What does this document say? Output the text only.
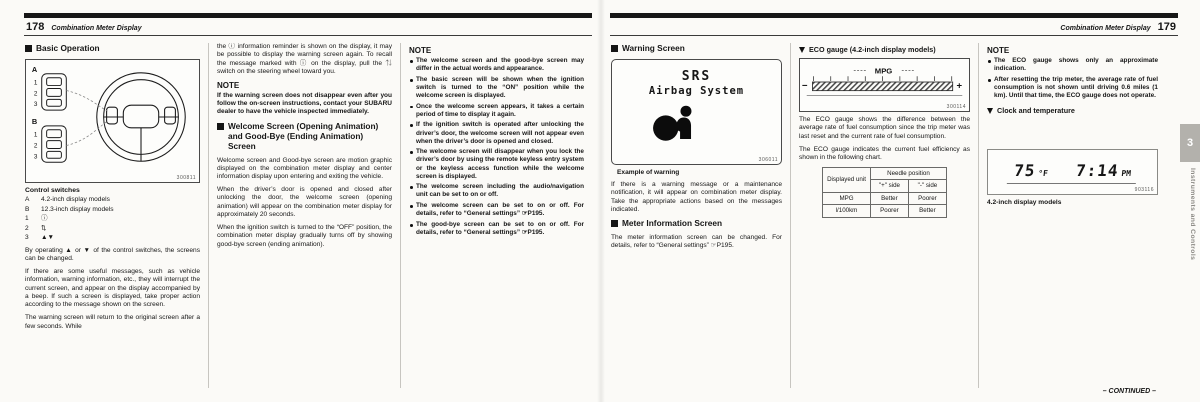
178 Combination Meter Display
Basic Operation
A
B
1
2
3
1
2
3
300811
Control switches
A	4.2-inch display models
B	12.3-inch display models
1	ⓘ
2	⇅
3	▲▼

By operating ▲ or ▼ of the control switches, the screens can be changed.

If there are some useful messages, such as vehicle information, warning information, etc., they will interrupt the current screen, and appear on the display accompanied by a beep. If such a screen is displayed, take proper action according to the message shown on the screen.

The warning screen will return to the original screen after a few seconds. While

the ⓘ information reminder is shown on the display, it may be possible to display the warning screen again. To recall the message marked with ⓘ on the display, pull the ⇅ switch on the steering wheel toward you.

NOTE

If the warning screen does not disappear even after you follow the on-screen instructions, contact your SUBARU dealer to have the vehicle inspected immediately.

Welcome Screen (Opening Animation) and Good-Bye (Ending Animation) Screen

Welcome screen and Good-bye screen are motion graphic displayed on the combination meter display and center information display upon entering and exiting the vehicle.

When the driver’s door is opened and closed after unlocking the door, the welcome screen (opening animation) will appear on the combination meter display for approximately 20 seconds.

When the ignition switch is turned to the “OFF” position, the combination meter display gradually turns off by showing good-bye screen (ending animation).

NOTE
The welcome screen and the good-bye screen may differ in the actual words and appearance.
The basic screen will be shown when the ignition switch is turned to the “ON” position while the welcome screen is displayed.
Once the welcome screen appears, it takes a certain period of time to display it again.
If the ignition switch is operated after unlocking the driver’s door, the welcome screen will not appear even when the driver’s door is opened and closed.
The welcome screen will disappear when you lock the driver’s door by using the remote keyless entry system or the keyless access function while the welcome screen is displayed.
The welcome screen including the audio/navigation unit can be set to on or off.
The welcome screen can be set to on or off. For details, refer to “General settings” ☞P195.
The good-bye screen can be set to on or off. For details, refer to “General settings” ☞P195.
Combination Meter Display 179
Warning Screen
SRS
Airbag System
306011
Example of warning

If there is a warning message or a maintenance notification, it will appear on combination meter display. Take the appropriate actions based on the messages indicated.

Meter Information Screen

The meter information screen can be changed. For details, refer to “General settings” ☞P195.

ECO gauge (4.2-inch display models)
−	+
MPG
300114

The ECO gauge shows the difference between the average rate of fuel consumption since the trip meter was last reset and the current rate of fuel consumption.

The ECO gauge indicates the current fuel efficiency as shown in the following chart.

Displayed unit	Needle position	
	"+" side	"-" side
MPG	Better	Poorer
l/100km	Poorer	Better
NOTE
The ECO gauge shows only an approximate indication.
After resetting the trip meter, the average rate of fuel consumption is not shown until driving 0.6 miles (1 km). Until that time, the ECO gauge does not operate.
Clock and temperature
75 °F 7:14 PM
903116
4.2-inch display models
– CONTINUED –
3
Instruments and Controls
